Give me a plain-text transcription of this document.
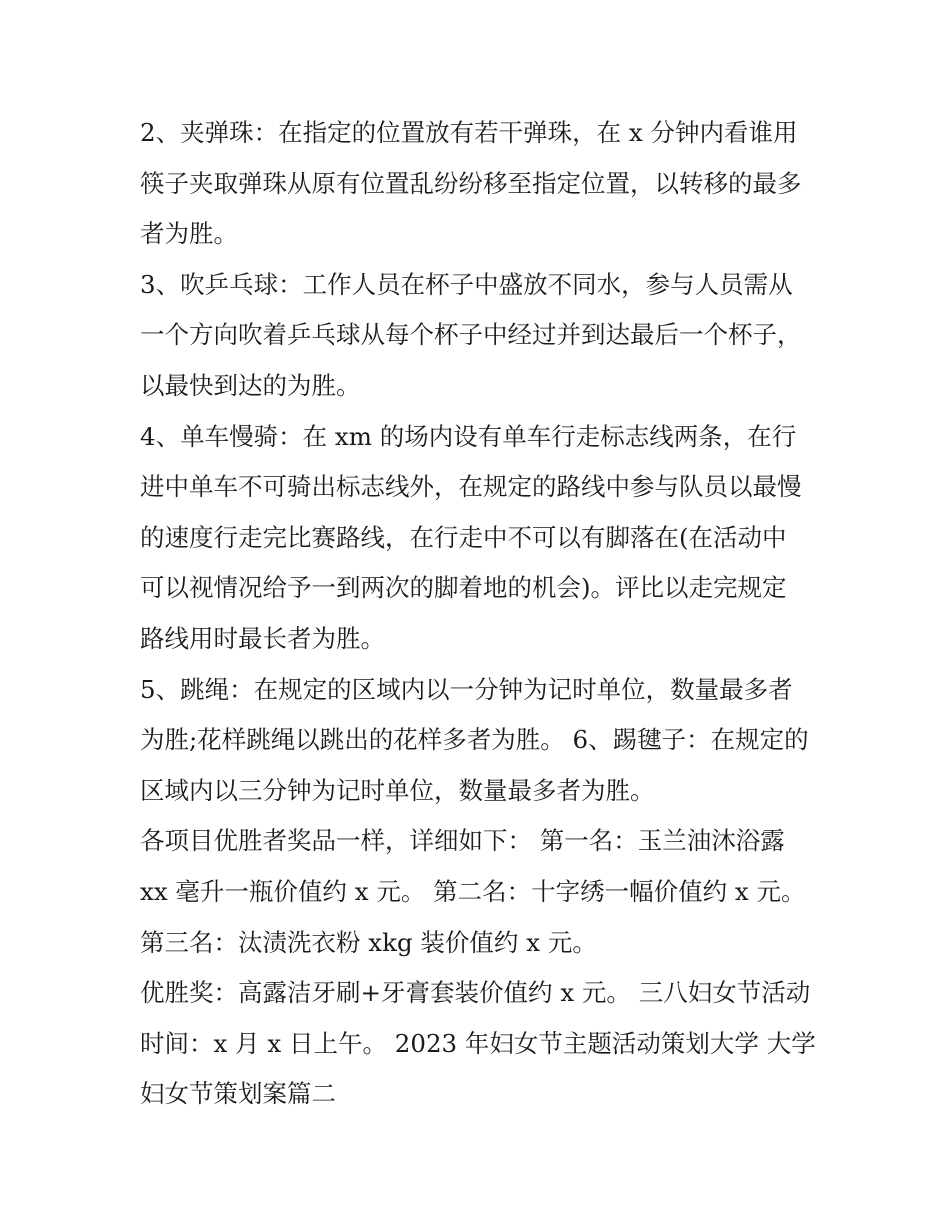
2、夹弹珠：在指定的位置放有若干弹珠，在 x 分钟内看谁用
筷子夹取弹珠从原有位置乱纷纷移至指定位置，以转移的最多
者为胜。
3、吹乒乓球：工作人员在杯子中盛放不同水，参与人员需从
一个方向吹着乒乓球从每个杯子中经过并到达最后一个杯子，
以最快到达的为胜。
4、单车慢骑：在 xm 的场内设有单车行走标志线两条，在行
进中单车不可骑出标志线外，在规定的路线中参与队员以最慢
的速度行走完比赛路线，在行走中不可以有脚落在(在活动中
可以视情况给予一到两次的脚着地的机会)。评比以走完规定
路线用时最长者为胜。
5、跳绳：在规定的区域内以一分钟为记时单位，数量最多者
为胜;花样跳绳以跳出的花样多者为胜。 6、踢毽子：在规定的
区域内以三分钟为记时单位，数量最多者为胜。
各项目优胜者奖品一样，详细如下： 第一名：玉兰油沐浴露
xx 毫升一瓶价值约 x 元。 第二名：十字绣一幅价值约 x 元。
第三名：汰渍洗衣粉 xkg 装价值约 x 元。
优胜奖：高露洁牙刷+牙膏套装价值约 x 元。 三八妇女节活动
时间：x 月 x 日上午。 2023 年妇女节主题活动策划大学 大学
妇女节策划案篇二
